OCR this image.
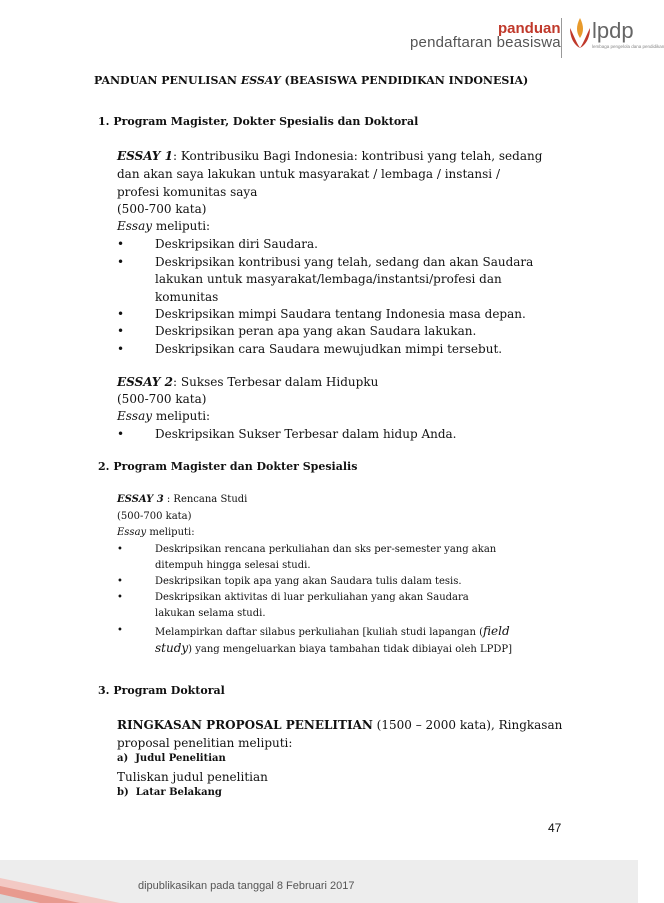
panduan
pendaftaran beasiswa lpdp
lembaga pengelola dana pendidikan
PANDUAN PENULISAN ESSAY (BEASISWA PENDIDIKAN INDONESIA)
1. Program Magister, Dokter Spesialis dan Doktoral
ESSAY 1: Kontribusiku Bagi Indonesia: kontribusi yang telah, sedang
dan akan saya lakukan untuk masyarakat / lembaga / instansi /
profesi komunitas saya
(500-700 kata)
Essay meliputi:
•	Deskripsikan diri Saudara.
•	Deskripsikan kontribusi yang telah, sedang dan akan Saudara
lakukan untuk masyarakat/lembaga/instantsi/profesi dan
komunitas
•	Deskripsikan mimpi Saudara tentang Indonesia masa depan.
•	Deskripsikan peran apa yang akan Saudara lakukan.
•	Deskripsikan cara Saudara mewujudkan mimpi tersebut.
ESSAY 2: Sukses Terbesar dalam Hidupku
(500-700 kata)
Essay meliputi:
•	Deskripsikan Sukser Terbesar dalam hidup Anda.
2. Program Magister dan Dokter Spesialis
ESSAY 3 : Rencana Studi
(500-700 kata)
Essay meliputi:
•	Deskripsikan rencana perkuliahan dan sks per-semester yang akan
ditempuh hingga selesai studi.
•	Deskripsikan topik apa yang akan Saudara tulis dalam tesis.
•	Deskripsikan aktivitas di luar perkuliahan yang akan Saudara
lakukan selama studi.
•	Melampirkan daftar silabus perkuliahan [kuliah studi lapangan (field
study) yang mengeluarkan biaya tambahan tidak dibiayai oleh LPDP]
3. Program Doktoral
RINGKASAN PROPOSAL PENELITIAN (1500 – 2000 kata), Ringkasan
proposal penelitian meliputi:
a) Judul Penelitian
Tuliskan judul penelitian
b) Latar Belakang
47
dipublikasikan pada tanggal 8 Februari 2017
